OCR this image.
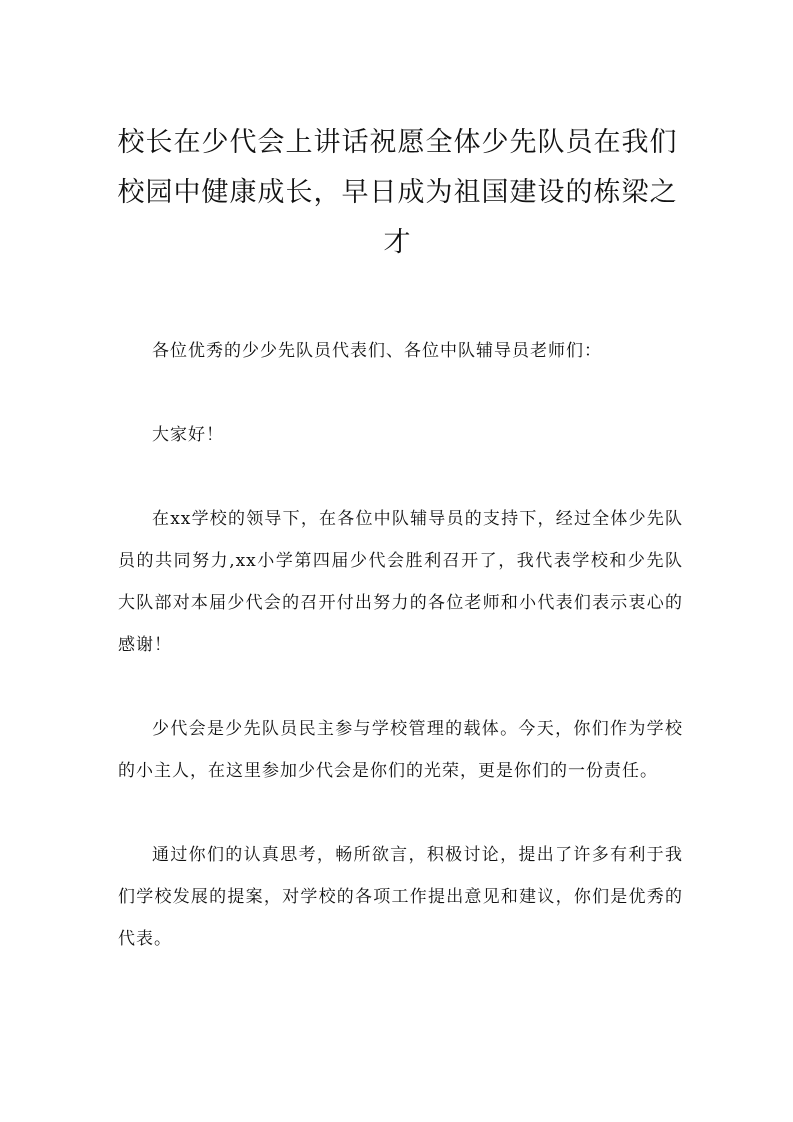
校长在少代会上讲话祝愿全体少先队员在我们校园中健康成长，早日成为祖国建设的栋梁之才

各位优秀的少少先队员代表们、各位中队辅导员老师们：

大家好！

在xx学校的领导下，在各位中队辅导员的支持下，经过全体少先队员的共同努力,xx小学第四届少代会胜利召开了，我代表学校和少先队大队部对本届少代会的召开付出努力的各位老师和小代表们表示衷心的感谢！

少代会是少先队员民主参与学校管理的载体。今天，你们作为学校的小主人，在这里参加少代会是你们的光荣，更是你们的一份责任。

通过你们的认真思考，畅所欲言，积极讨论，提出了许多有利于我们学校发展的提案，对学校的各项工作提出意见和建议，你们是优秀的代表。
